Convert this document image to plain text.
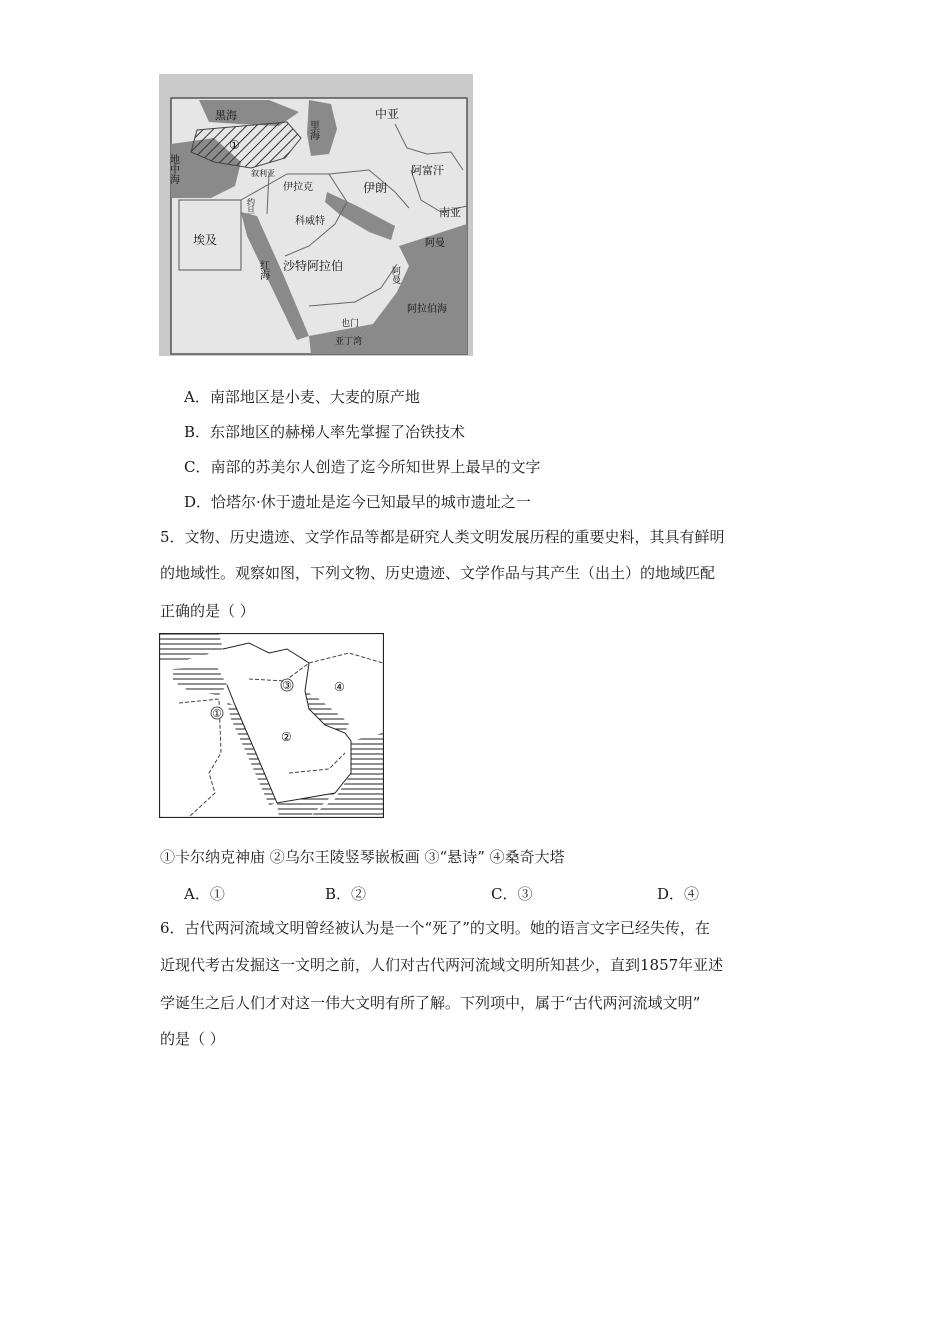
黑海
里海
中亚
①
地中海	叙利亚
伊拉克	伊朗
阿富汗
约旦
科威特
南亚
埃及
沙特阿拉伯
阿曼
阿曼
红海
阿拉伯海
也门
亚丁湾
A．南部地区是小麦、大麦的原产地
B．东部地区的赫梯人率先掌握了冶铁技术
C．南部的苏美尔人创造了迄今所知世界上最早的文字
D．恰塔尔·休于遗址是迄今已知最早的城市遗址之一
5．文物、历史遗迹、文学作品等都是研究人类文明发展历程的重要史料，其具有鲜明
的地域性。观察如图，下列文物、历史遗迹、文学作品与其产生（出土）的地域匹配
正确的是（ ）
①
②
③	④
①卡尔纳克神庙 ②乌尔王陵竖琴嵌板画 ③“悬诗” ④桑奇大塔
A．①	B．②	C．③	D．④
6．古代两河流域文明曾经被认为是一个“死了”的文明。她的语言文字已经失传，在
近现代考古发掘这一文明之前，人们对古代两河流域文明所知甚少，直到1857年亚述
学诞生之后人们才对这一伟大文明有所了解。下列项中，属于“古代两河流域文明”
的是（ ）
